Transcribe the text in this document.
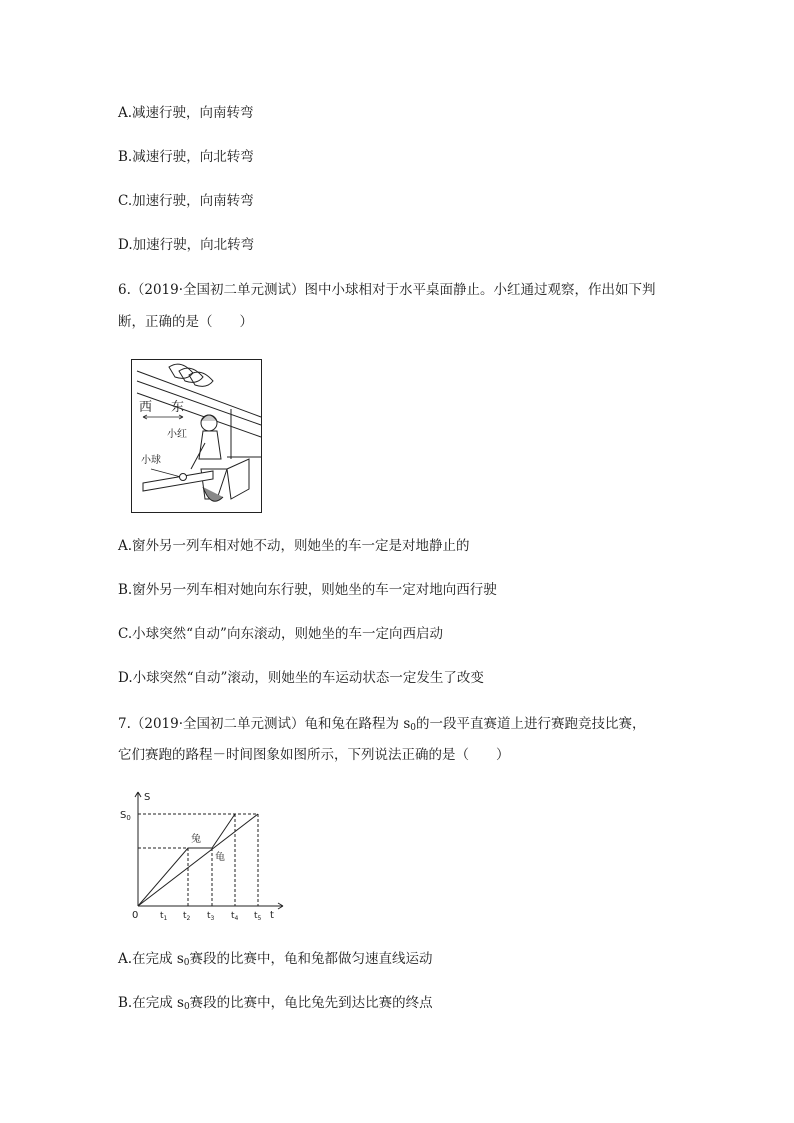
A.减速行驶，向南转弯
B.减速行驶，向北转弯
C.加速行驶，向南转弯
D.加速行驶，向北转弯
6.（2019·全国初二单元测试）图中小球相对于水平桌面静止。小红通过观察，作出如下判
断，正确的是（　　）
西 东
小红
小球
A.窗外另一列车相对她不动，则她坐的车一定是对地静止的
B.窗外另一列车相对她向东行驶，则她坐的车一定对地向西行驶
C.小球突然“自动”向东滚动，则她坐的车一定向西启动
D.小球突然“自动”滚动，则她坐的车运动状态一定发生了改变
7.（2019·全国初二单元测试）龟和兔在路程为 $s_0$的一段平直赛道上进行赛跑竞技比赛，
它们赛跑的路程－时间图象如图所示，下列说法正确的是（　　）
S
t
0
$S_0$
兔
龟
$t_1$ $t_2$ $t_3$ $t_4$ $t_5$
A.在完成 $s_0$赛段的比赛中，龟和兔都做匀速直线运动
B.在完成 $s_0$赛段的比赛中，龟比兔先到达比赛的终点
